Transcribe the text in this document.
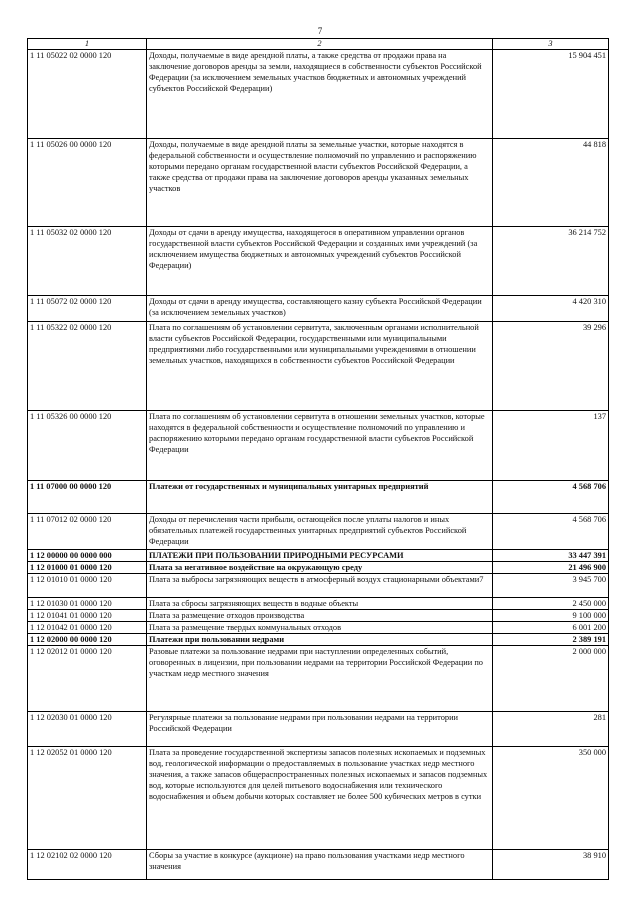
7
1	2	3
1 11 05022 02 0000 120	Доходы, получаемые в виде арендной платы, а также средства от продажи права на заключение договоров аренды за земли, находящиеся в собственности субъектов Российской Федерации (за исключением земельных участков бюджетных и автономных учреждений субъектов Российской Федерации)	15 904 451
1 11 05026 00 0000 120	Доходы, получаемые в виде арендной платы за земельные участки, которые находятся в федеральной собственности и осуществление полномочий по управлению и распоряжению которыми передано органам государственной власти субъектов Российской Федерации, а также средства от продажи права на заключение договоров аренды указанных земельных участков	44 818
1 11 05032 02 0000 120	Доходы от сдачи в аренду имущества, находящегося в оперативном управлении органов государственной власти субъектов Российской Федерации и созданных ими учреждений (за исключением имущества бюджетных и автономных учреждений субъектов Российской Федерации)	36 214 752
1 11 05072 02 0000 120	Доходы от сдачи в аренду имущества, составляющего казну субъекта Российской Федерации (за исключением земельных участков)	4 420 310
1 11 05322 02 0000 120	Плата по соглашениям об установлении сервитута, заключенным органами исполнительной власти субъектов Российской Федерации, государственными или муниципальными предприятиями либо государственными или муниципальными учреждениями в отношении земельных участков, находящихся в собственности субъектов Российской Федерации	39 296
1 11 05326 00 0000 120	Плата по соглашениям об установлении сервитута в отношении земельных участков, которые находятся в федеральной собственности и осуществление полномочий по управлению и распоряжению которыми передано органам государственной власти субъектов Российской Федерации	137
1 11 07000 00 0000 120	Платежи от государственных и муниципальных унитарных предприятий	4 568 706
1 11 07012 02 0000 120	Доходы от перечисления части прибыли, остающейся после уплаты налогов и иных обязательных платежей государственных унитарных предприятий субъектов Российской Федерации	4 568 706
1 12 00000 00 0000 000	ПЛАТЕЖИ ПРИ ПОЛЬЗОВАНИИ ПРИРОДНЫМИ РЕСУРСАМИ	33 447 391
1 12 01000 01 0000 120	Плата за негативное воздействие на окружающую среду	21 496 900
1 12 01010 01 0000 120	Плата за выбросы загрязняющих веществ в атмосферный воздух стационарными объектами7	3 945 700
1 12 01030 01 0000 120	Плата за сбросы загрязняющих веществ в водные объекты	2 450 000
1 12 01041 01 0000 120	Плата за размещение отходов производства	9 100 000
1 12 01042 01 0000 120	Плата за размещение твердых коммунальных отходов	6 001 200
1 12 02000 00 0000 120	Платежи при пользовании недрами	2 389 191
1 12 02012 01 0000 120	Разовые платежи за пользование недрами при наступлении определенных событий, оговоренных в лицензии, при пользовании недрами на территории Российской Федерации по участкам недр местного значения	2 000 000
1 12 02030 01 0000 120	Регулярные платежи за пользование недрами при пользовании недрами на территории Российской Федерации	281
1 12 02052 01 0000 120	Плата за проведение государственной экспертизы запасов полезных ископаемых и подземных вод, геологической информации о предоставляемых в пользование участках недр местного значения, а также запасов общераспространенных полезных ископаемых и запасов подземных вод, которые используются для целей питьевого водоснабжения или технического водоснабжения и объем добычи которых составляет не более 500 кубических метров в сутки	350 000
1 12 02102 02 0000 120	Сборы за участие в конкурсе (аукционе) на право пользования участками недр местного значения	38 910
